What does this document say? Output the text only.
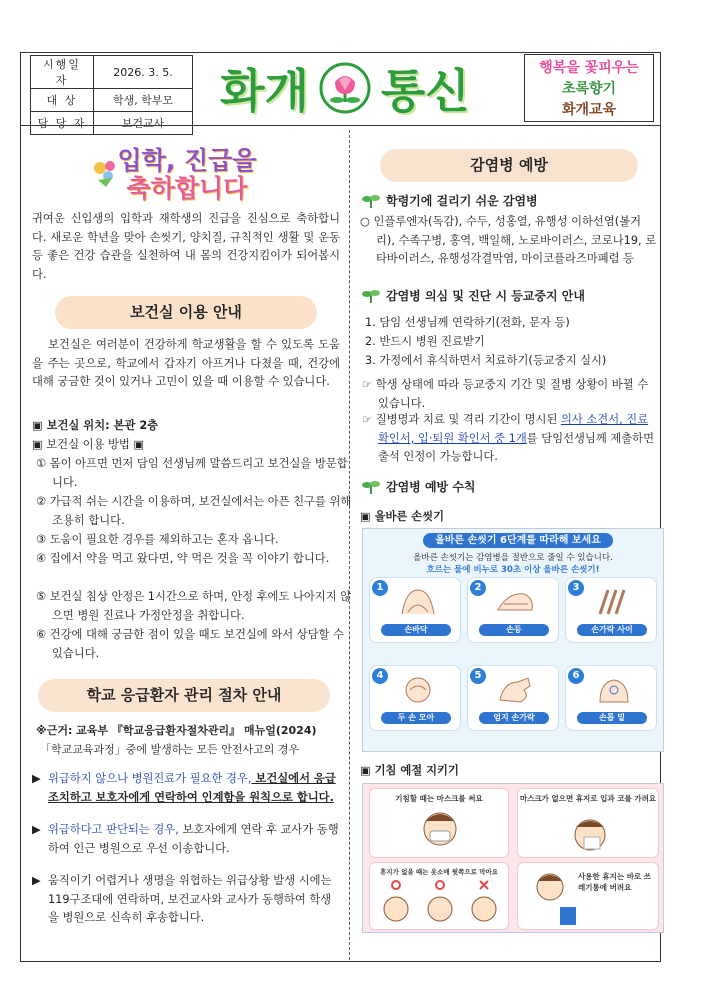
시행일자	2026. 3. 5.
대 상	학생, 학부모
담 당 자	보건교사
화개 통신	행복을 꽃피우는
초록향기
화개교육
입학, 진급을
축하합니다
귀여운 신입생의 입학과 재학생의 진급을 진심으로 축하합니다. 새로운 학년을 맞아 손씻기, 양치질, 규칙적인 생활 및 운동 등 좋은 건강 습관을 실천하여 내 몸의 건강지킴이가 되어봅시다.
보건실 이용 안내
보건실은 여러분이 건강하게 학교생활을 할 수 있도록 도움을 주는 곳으로, 학교에서 갑자기 아프거나 다쳤을 때, 건강에 대해 궁금한 것이 있거나 고민이 있을 때 이용할 수 있습니다.
▣ 보건실 위치: 본관 2층
▣ 보건실 이용 방법 ▣
① 몸이 아프면 먼저 담임 선생님께 말씀드리고 보건실을 방문합니다.
② 가급적 쉬는 시간을 이용하며, 보건실에서는 아픈 친구를 위해 조용히 합니다.
③ 도움이 필요한 경우를 제외하고는 혼자 옵니다.
④ 집에서 약을 먹고 왔다면, 약 먹은 것을 꼭 이야기 합니다.
⑤ 보건실 침상 안정은 1시간으로 하며, 안정 후에도 나아지지 않으면 병원 진료나 가정안정을 취합니다.
⑥ 건강에 대해 궁금한 점이 있을 때도 보건실에 와서 상담할 수 있습니다.
학교 응급환자 관리 절차 안내
※근거: 교육부 『학교응급환자절차관리』 매뉴얼(2024)
「학교교육과정」중에 발생하는 모든 안전사고의 경우
▶ 위급하지 않으나 병원진료가 필요한 경우, 보건실에서 응급조치하고 보호자에게 연락하여 인계함을 원칙으로 합니다.
▶ 위급하다고 판단되는 경우, 보호자에게 연락 후 교사가 동행하여 인근 병원으로 우선 이송합니다.
▶ 움직이기 어렵거나 생명을 위협하는 위급상황 발생 시에는 119구조대에 연락하며, 보건교사와 교사가 동행하여 학생을 병원으로 신속히 후송합니다.
감염병 예방
학령기에 걸리기 쉬운 감염병
○ 인플루엔자(독감), 수두, 성홍열, 유행성 이하선염(볼거리), 수족구병, 홍역, 백일해, 노로바이러스, 코로나19, 로타바이러스, 유행성각결막염, 마이코플라즈마폐렴 등
감염병 의심 및 진단 시 등교중지 안내
1. 담임 선생님께 연락하기(전화, 문자 등)
2. 반드시 병원 진료받기
3. 가정에서 휴식하면서 치료하기(등교중지 실시)
☞ 학생 상태에 따라 등교중지 기간 및 질병 상황이 바뀔 수 있습니다.
☞ 질병명과 치료 및 격리 기간이 명시된 의사 소견서, 진료확인서, 입·퇴원 확인서 중 1개를 담임선생님께 제출하면 출석 인정이 가능합니다.
감염병 예방 수칙
▣ 올바른 손씻기
올바른 손씻기 6단계를 따라해 보세요
올바른 손씻기는 감염병을 절반으로 줄일 수 있습니다.
흐르는 물에 비누로 30초 이상 올바른 손씻기!
1
손바닥
2
손등
3
손가락 사이
4
두 손 모아
5
엄지 손가락
6
손톱 밑
▣ 기침 예절 지키기
기침할 때는 마스크를 써요	마스크가 없으면 휴지로 입과 코를 가려요
휴지가 없을 때는 옷소매 윗쪽으로 막아요	사용한 휴지는 바로 쓰레기통에 버려요
